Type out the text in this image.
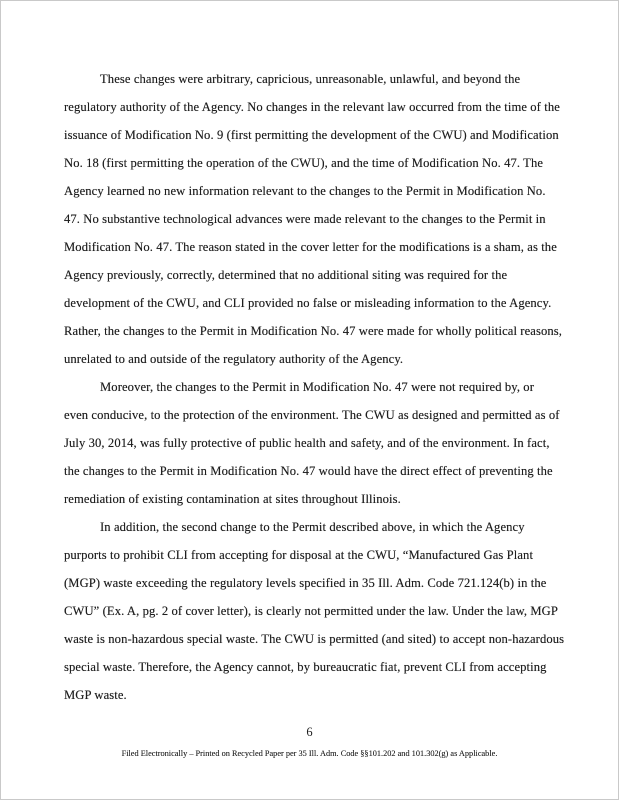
These changes were arbitrary, capricious, unreasonable, unlawful, and beyond the
regulatory authority of the Agency. No changes in the relevant law occurred from the time of the
issuance of Modification No. 9 (first permitting the development of the CWU) and Modification
No. 18 (first permitting the operation of the CWU), and the time of Modification No. 47. The
Agency learned no new information relevant to the changes to the Permit in Modification No.
47. No substantive technological advances were made relevant to the changes to the Permit in
Modification No. 47. The reason stated in the cover letter for the modifications is a sham, as the
Agency previously, correctly, determined that no additional siting was required for the
development of the CWU, and CLI provided no false or misleading information to the Agency.
Rather, the changes to the Permit in Modification No. 47 were made for wholly political reasons,
unrelated to and outside of the regulatory authority of the Agency.
Moreover, the changes to the Permit in Modification No. 47 were not required by, or
even conducive, to the protection of the environment. The CWU as designed and permitted as of
July 30, 2014, was fully protective of public health and safety, and of the environment. In fact,
the changes to the Permit in Modification No. 47 would have the direct effect of preventing the
remediation of existing contamination at sites throughout Illinois.
In addition, the second change to the Permit described above, in which the Agency
purports to prohibit CLI from accepting for disposal at the CWU, “Manufactured Gas Plant
(MGP) waste exceeding the regulatory levels specified in 35 Ill. Adm. Code 721.124(b) in the
CWU” (Ex. A, pg. 2 of cover letter), is clearly not permitted under the law. Under the law, MGP
waste is non-hazardous special waste. The CWU is permitted (and sited) to accept non-hazardous
special waste. Therefore, the Agency cannot, by bureaucratic fiat, prevent CLI from accepting
MGP waste.
6
Filed Electronically – Printed on Recycled Paper per 35 Ill. Adm. Code §§101.202 and 101.302(g) as Applicable.
